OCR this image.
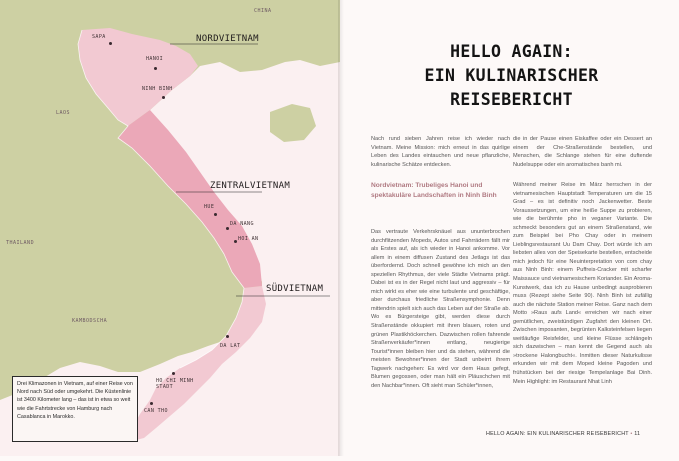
CHINA
LAOS
THAILAND
KAMBODSCHA
NORDVIETNAM
ZENTRALVIETNAM
SÜDVIETNAM
SAPA
HANOI
NINH BINH
HUE
DA NANG
HOI AN
DA LAT
HO CHI MINH STADT
CAN THO
Drei Klimazonen in Vietnam, auf einer Reise von Nord nach Süd oder umgekehrt. Die Küstenlinie ist 3400 Kilometer lang – das ist in etwa so weit wie die Fahrtstrecke von Hamburg nach Casablanca in Marokko.
HELLO AGAIN:
EIN KULINARISCHER
REISEBERICHT
Nach rund sieben Jahren reise ich wieder nach Vietnam. Meine Mission: mich erneut in das quirlige Leben des Landes eintauchen und neue pflanzliche, kulinarische Schätze entdecken.
die in der Pause einen Eiskaffee oder ein Dessert an einem der Che-Straßenstände bestellen, und Menschen, die Schlange stehen für eine duftende Nudelsuppe oder ein aromatisches banh mi.
Nordvietnam: Trubeliges Hanoi und spektakuläre Landschaften in Ninh Binh
Das vertraute Verkehrsknäuel aus ununterbrochen durchflitzenden Mopeds, Autos und Fahrrädern fällt mir als Erstes auf, als ich wieder in Hanoi ankomme. Vor allem in einem diffusen Zustand des Jetlags ist das überfordernd. Doch schnell gewöhne ich mich an den speziellen Rhythmus, der viele Städte Vietnams prägt. Dabei ist es in der Regel nicht laut und aggressiv – für mich wirkt es eher wie eine turbulente und geschäftige, aber durchaus friedliche Straßensymphonie. Denn mittendrin spielt sich auch das Leben auf der Straße ab. Wo es Bürgersteige gibt, werden diese durch Straßenstände okkupiert mit ihren blauen, roten und grünen Plastikhöckerchen. Dazwischen rollen fahrende Straßenverkäufer*innen entlang, neugierige Tourist*innen bleiben hier und da stehen, während die meisten Bewohner*innen der Stadt unbeirrt ihrem Tagwerk nachgehen: Es wird vor dem Haus gefegt, Blumen gegossen, oder man hält ein Pläuschchen mit den Nachbar*innen. Oft sieht man Schüler*innen,
Während meiner Reise im März herrschen in der vietnamesischen Hauptstadt Temperaturen um die 15 Grad – es ist definitiv noch Jackenwetter. Beste Voraussetzungen, um eine heiße Suppe zu probieren, wie die berühmte pho in veganer Variante. Die schmeckt besonders gut an einem Straßenstand, wie zum Beispiel bei Pho Chay oder in meinem Lieblingsrestaurant Uu Dam Chay. Dort würde ich am liebsten alles von der Speisekarte bestellen, entscheide mich jedoch für eine Neuinterpretation von com chay aus Ninh Binh: einem Puffreis-Cracker mit scharfer Maissauce und vietnamesischem Koriander. Ein Aroma-Kunstwerk, das ich zu Hause unbedingt ausprobieren muss (Rezept siehe Seite 90). Ninh Binh ist zufällig auch die nächste Station meiner Reise. Ganz nach dem Motto »Raus aufs Land« erreichen wir nach einer gemütlichen, zweistündigen Zugfahrt den kleinen Ort. Zwischen imposanten, begrünten Kalksteinfelsen liegen weitläufige Reisfelder, und kleine Flüsse schlängeln sich dazwischen – man kennt die Gegend auch als »trockene Halongbucht«. Inmitten dieser Naturkulisse erkunden wir mit dem Moped kleine Pagoden und frühstücken bei der riesige Tempelanlage Bai Dinh. Mein Highlight: im Restaurant Nhat Linh
HELLO AGAIN: EIN KULINARISCHER REISEBERICHT • 11
